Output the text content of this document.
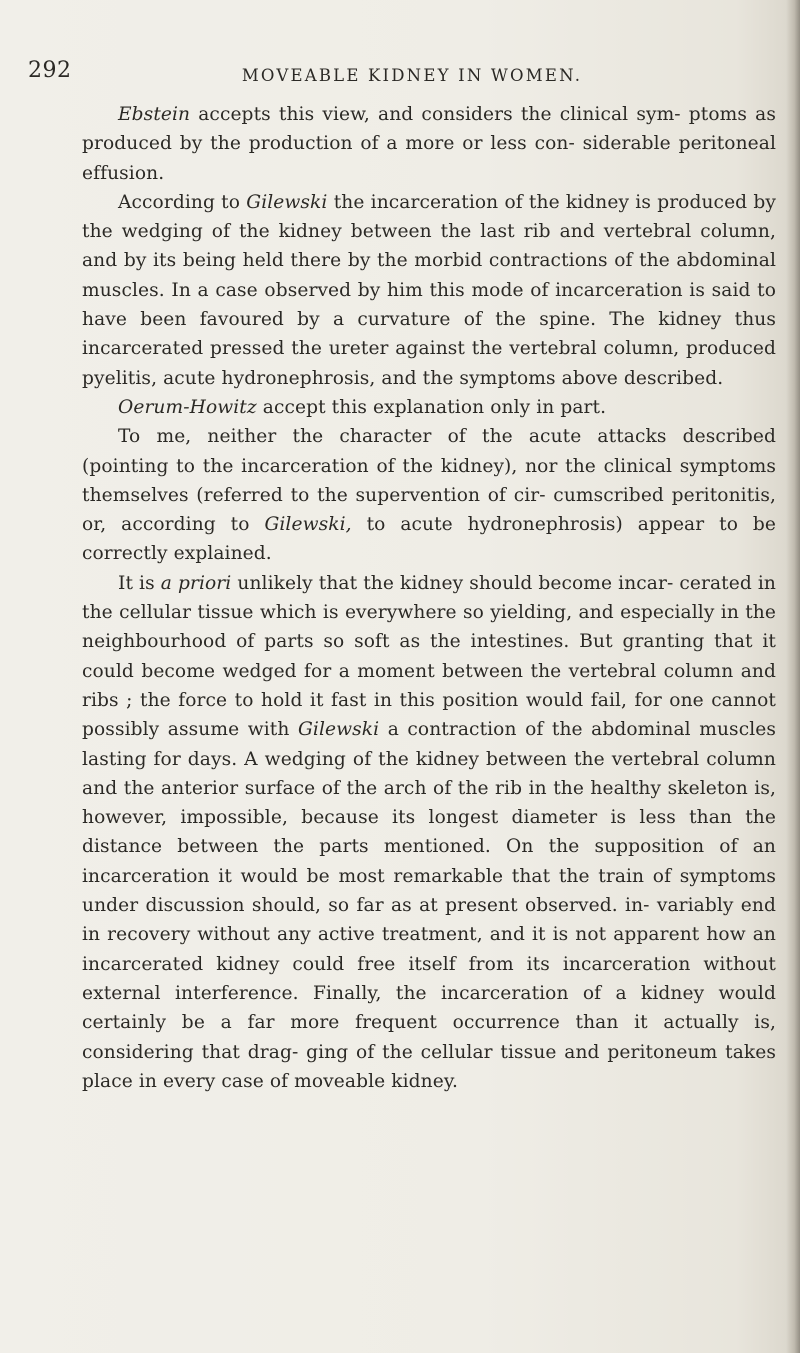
292	MOVEABLE KIDNEY IN WOMEN.

Ebstein accepts this view, and considers the clinical sym- ptoms as produced by the production of a more or less con- siderable peritoneal effusion.

According to Gilewski the incarceration of the kidney is produced by the wedging of the kidney between the last rib and vertebral column, and by its being held there by the morbid contractions of the abdominal muscles. In a case observed by him this mode of incarceration is said to have been favoured by a curvature of the spine. The kidney thus incarcerated pressed the ureter against the vertebral column, produced pyelitis, acute hydronephrosis, and the symptoms above described.

Oerum-Howitz accept this explanation only in part.

To me, neither the character of the acute attacks described (pointing to the incarceration of the kidney), nor the clinical symptoms themselves (referred to the supervention of cir- cumscribed peritonitis, or, according to Gilewski, to acute hydronephrosis) appear to be correctly explained.

It is a priori unlikely that the kidney should become incar- cerated in the cellular tissue which is everywhere so yielding, and especially in the neighbourhood of parts so soft as the intestines. But granting that it could become wedged for a moment between the vertebral column and ribs ; the force to hold it fast in this position would fail, for one cannot possibly assume with Gilewski a contraction of the abdominal muscles lasting for days. A wedging of the kidney between the vertebral column and the anterior surface of the arch of the rib in the healthy skeleton is, however, impossible, because its longest diameter is less than the distance between the parts mentioned. On the supposition of an incarceration it would be most remarkable that the train of symptoms under discussion should, so far as at present observed. in- variably end in recovery without any active treatment, and it is not apparent how an incarcerated kidney could free itself from its incarceration without external interference. Finally, the incarceration of a kidney would certainly be a far more frequent occurrence than it actually is, considering that drag- ging of the cellular tissue and peritoneum takes place in every case of moveable kidney.
